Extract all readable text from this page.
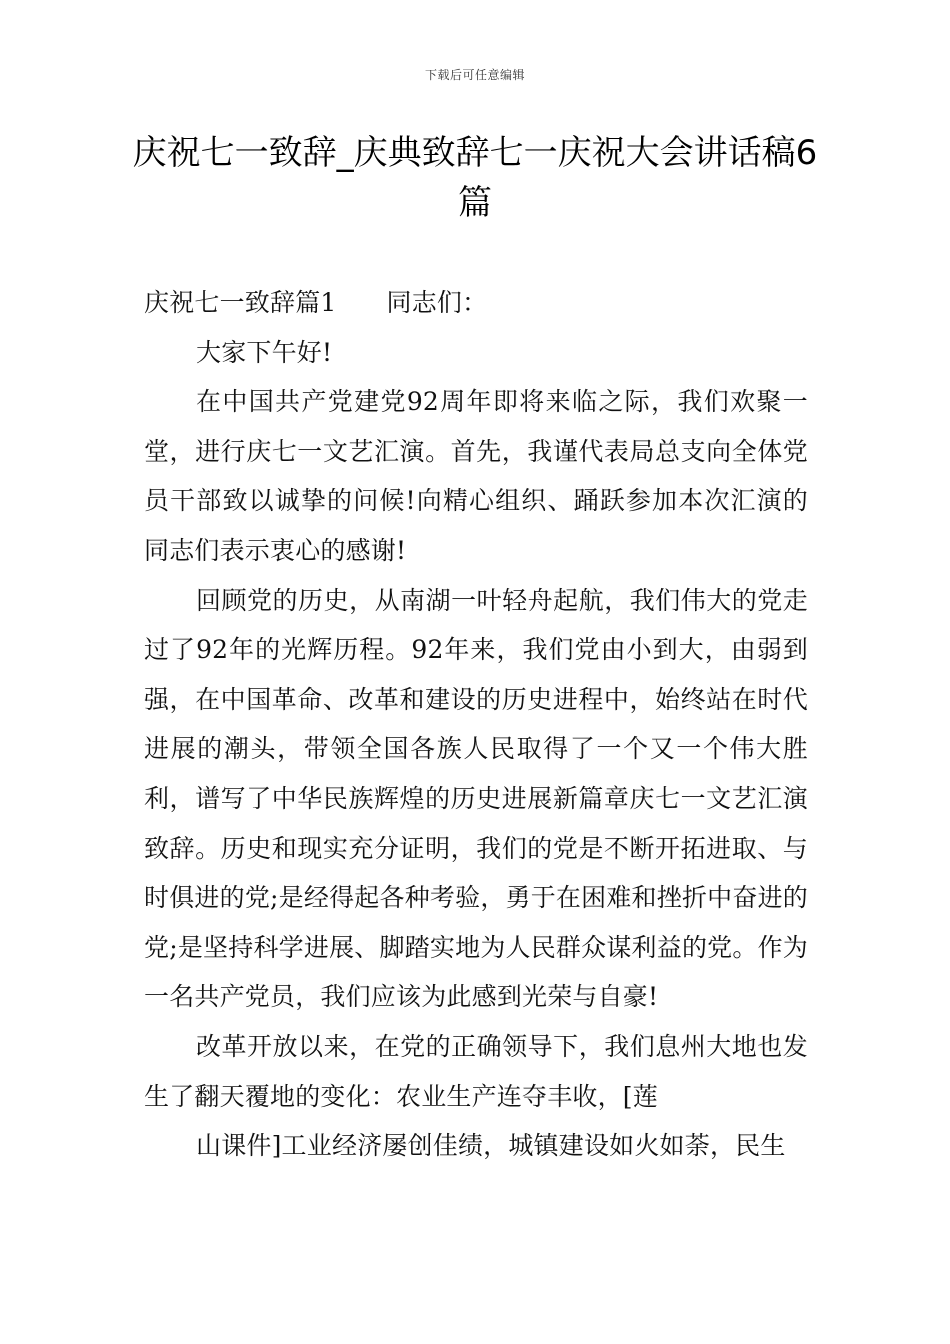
下载后可任意编辑
庆祝七一致辞_庆典致辞七一庆祝大会讲话稿6篇
庆祝七一致辞篇1 同志们：

大家下午好!

在中国共产党建党92周年即将来临之际，我们欢聚一堂，进行庆七一文艺汇演。首先，我谨代表局总支向全体党员干部致以诚挚的问候!向精心组织、踊跃参加本次汇演的同志们表示衷心的感谢!

回顾党的历史，从南湖一叶轻舟起航，我们伟大的党走过了92年的光辉历程。92年来，我们党由小到大，由弱到强，在中国革命、改革和建设的历史进程中，始终站在时代进展的潮头，带领全国各族人民取得了一个又一个伟大胜利，谱写了中华民族辉煌的历史进展新篇章庆七一文艺汇演致辞。历史和现实充分证明，我们的党是不断开拓进取、与时俱进的党;是经得起各种考验，勇于在困难和挫折中奋进的党;是坚持科学进展、脚踏实地为人民群众谋利益的党。作为一名共产党员，我们应该为此感到光荣与自豪!

改革开放以来，在党的正确领导下，我们息州大地也发生了翻天覆地的变化：农业生产连夺丰收，[莲

山课件]工业经济屡创佳绩，城镇建设如火如荼，民生
